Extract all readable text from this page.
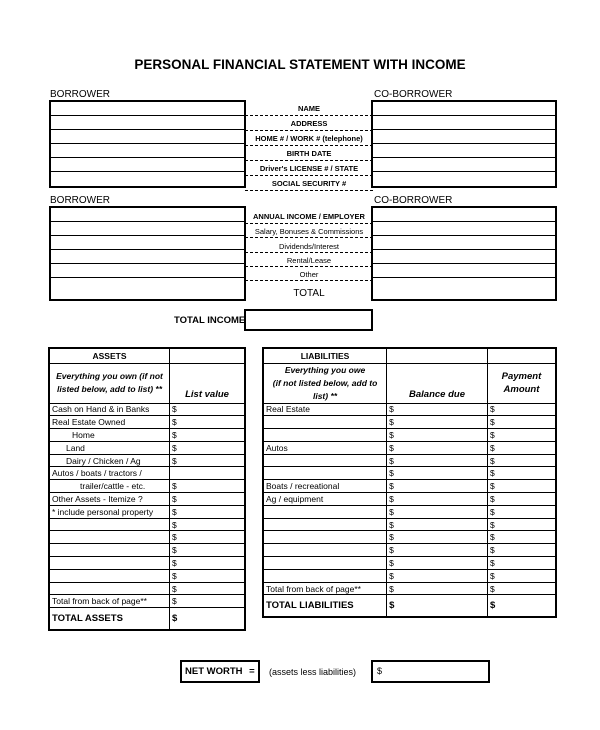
PERSONAL FINANCIAL STATEMENT WITH INCOME
BORROWER	CO-BORROWER
NAME
ADDRESS
HOME # / WORK # (telephone)
BIRTH DATE
Driver's LICENSE # / STATE
SOCIAL SECURITY #
BORROWER	CO-BORROWER
ANNUAL INCOME / EMPLOYER
Salary, Bonuses & Commissions
Dividends/Interest
Rental/Lease
Other
TOTAL
TOTAL INCOME
ASSETS	
Everything you own (if not listed below, add to list) **	List value
Cash on Hand & in Banks	$
Real Estate Owned	$
Home	$
Land	$
Dairy / Chicken / Ag	$
Autos / boats / tractors /	
trailer/cattle - etc.	$
Other Assets - Itemize ?	$
* include personal property	$
	$
	$
	$
	$
	$
	$
Total from back of page**	$
TOTAL ASSETS	$
LIABILITIES		
Everything you owe
(if not listed below, add to list) **	Balance due	Payment Amount
Real Estate	$	$
	$	$
	$	$
Autos	$	$
	$	$
	$	$
Boats / recreational	$	$
Ag / equipment	$	$
	$	$
	$	$
	$	$
	$	$
	$	$
	$	$
Total from back of page**	$	$
TOTAL LIABILITIES	$	$
NET WORTH =	(assets less liabilities)	$
